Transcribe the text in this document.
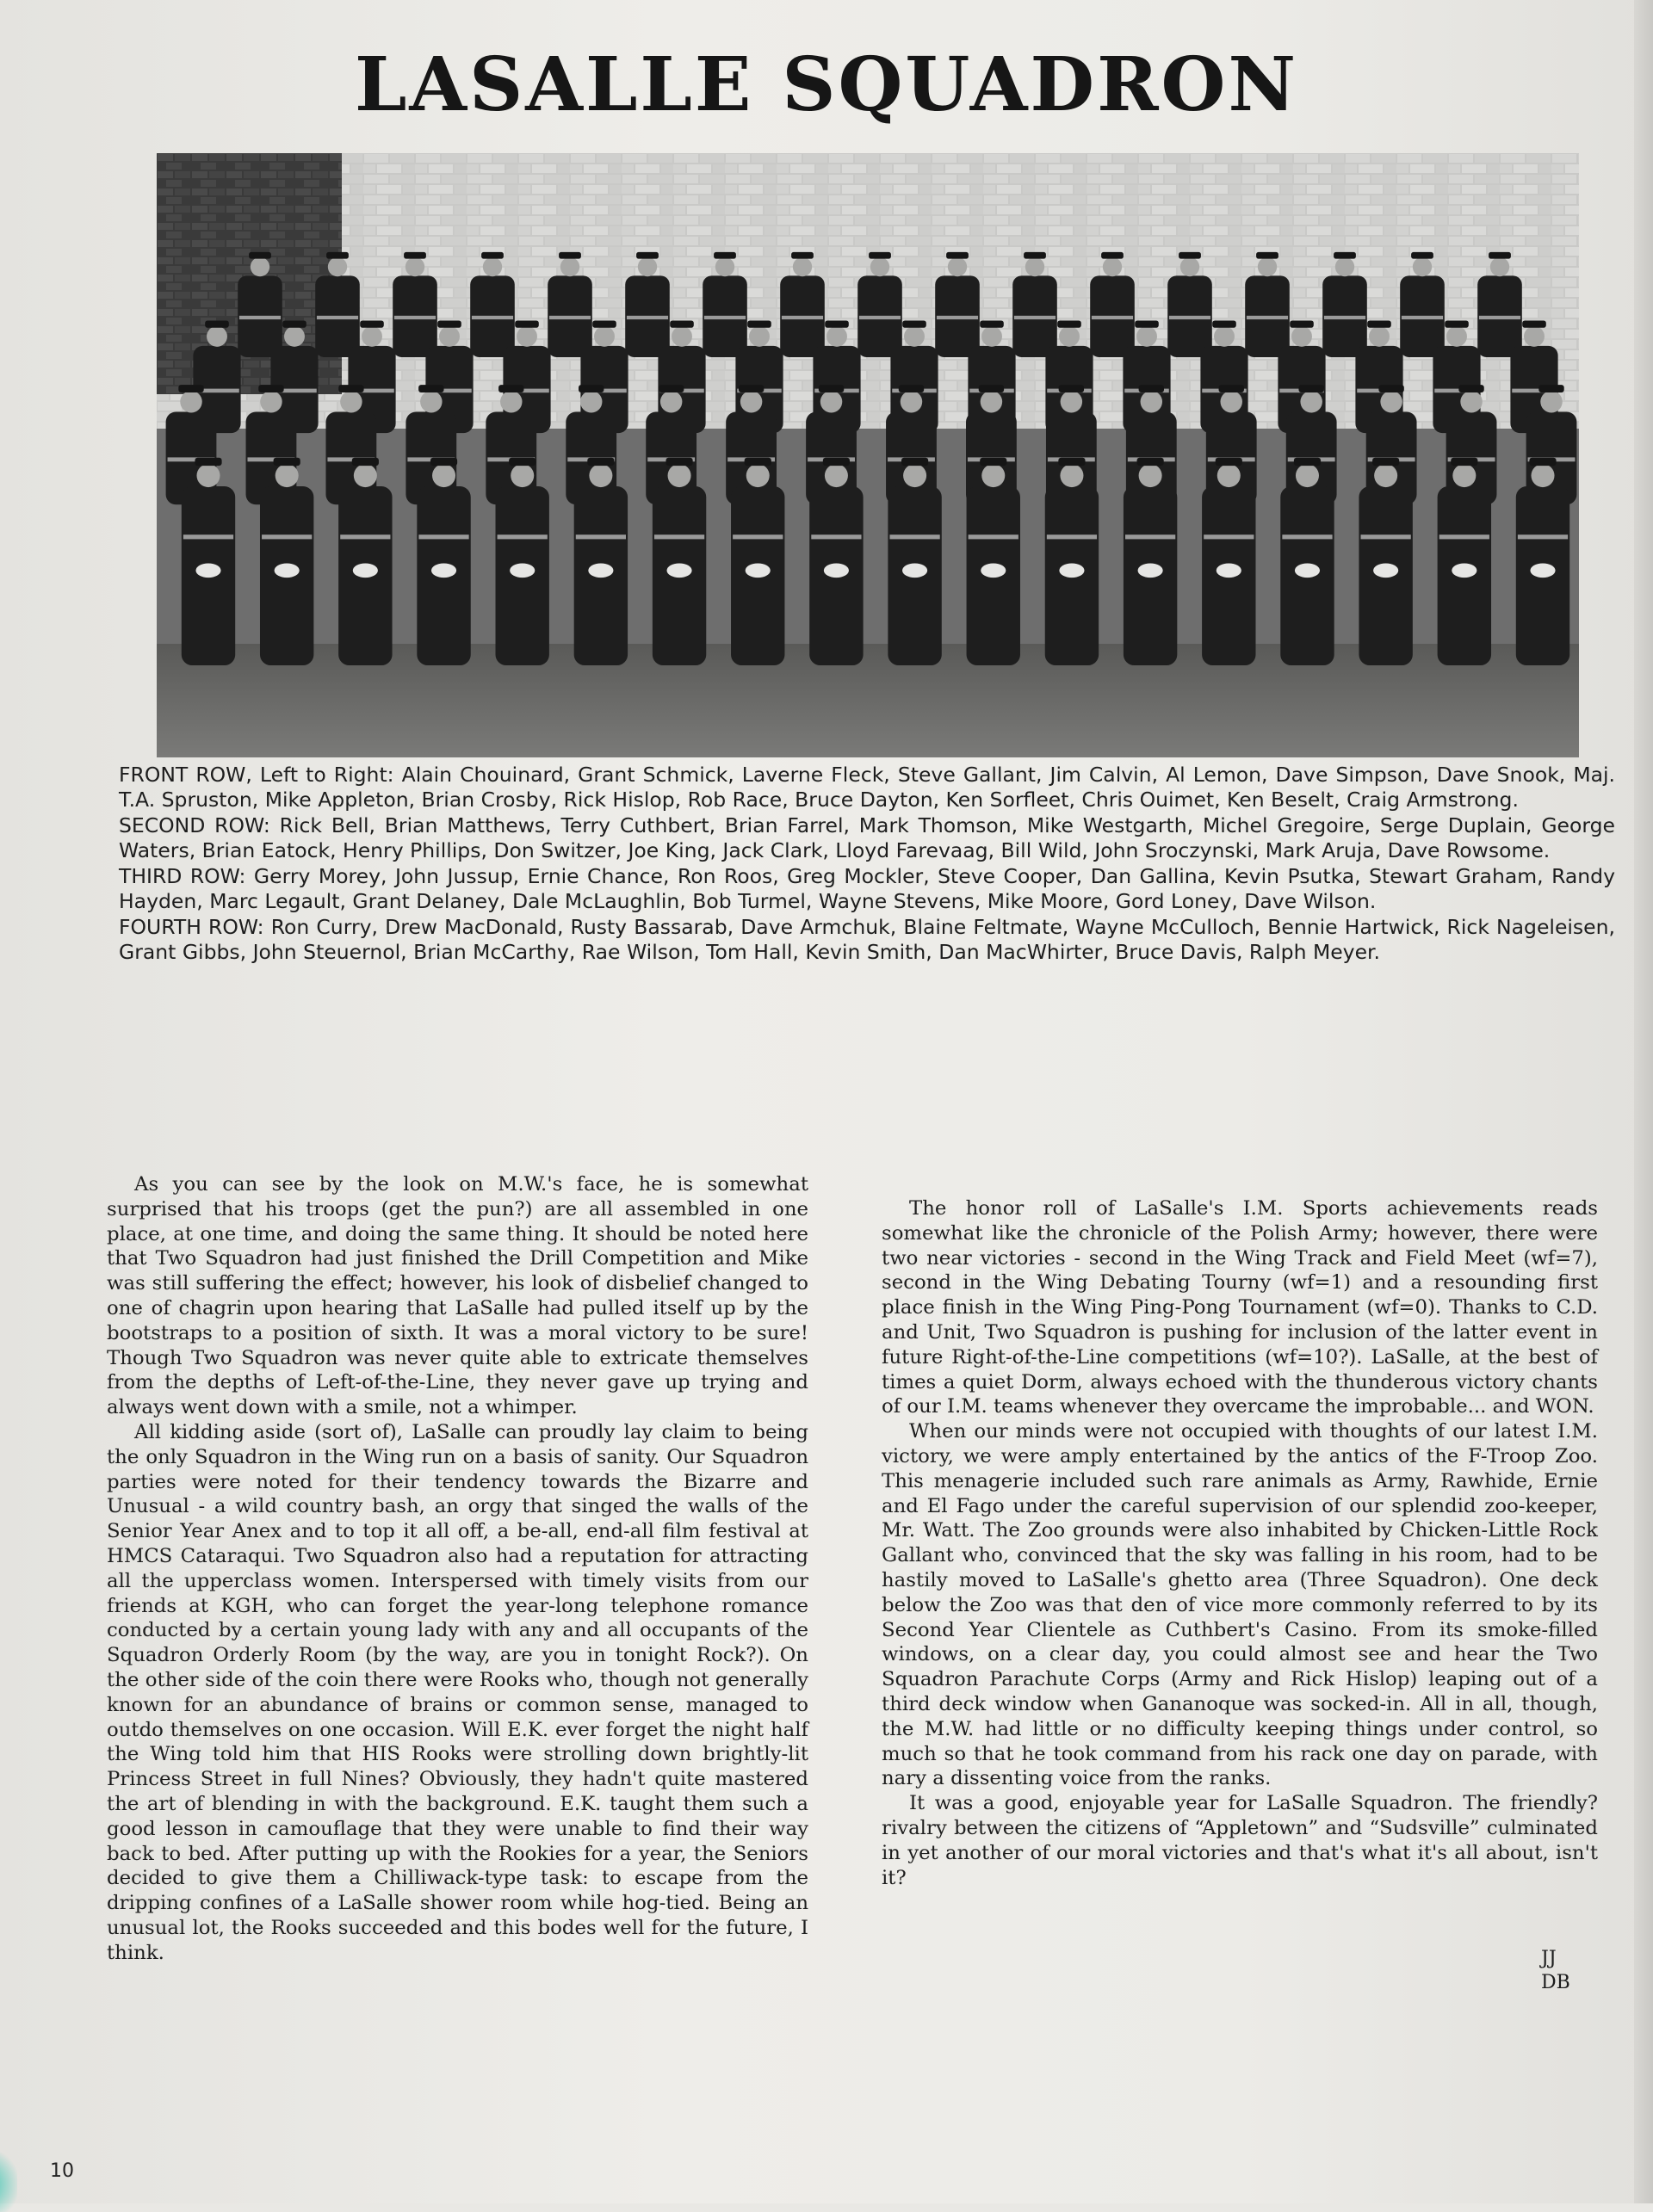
LASALLE SQUADRON

FRONT ROW, Left to Right: Alain Chouinard, Grant Schmick, Laverne Fleck, Steve Gallant, Jim Calvin, Al Lemon, Dave Simpson, Dave Snook, Maj. T.A. Spruston, Mike Appleton, Brian Crosby, Rick Hislop, Rob Race, Bruce Dayton, Ken Sorfleet, Chris Ouimet, Ken Beselt, Craig Armstrong.

SECOND ROW: Rick Bell, Brian Matthews, Terry Cuthbert, Brian Farrel, Mark Thomson, Mike Westgarth, Michel Gregoire, Serge Duplain, George Waters, Brian Eatock, Henry Phillips, Don Switzer, Joe King, Jack Clark, Lloyd Farevaag, Bill Wild, John Sroczynski, Mark Aruja, Dave Rowsome.

THIRD ROW: Gerry Morey, John Jussup, Ernie Chance, Ron Roos, Greg Mockler, Steve Cooper, Dan Gallina, Kevin Psutka, Stewart Graham, Randy Hayden, Marc Legault, Grant Delaney, Dale McLaughlin, Bob Turmel, Wayne Stevens, Mike Moore, Gord Loney, Dave Wilson.

FOURTH ROW: Ron Curry, Drew MacDonald, Rusty Bassarab, Dave Armchuk, Blaine Feltmate, Wayne McCulloch, Bennie Hartwick, Rick Nageleisen, Grant Gibbs, John Steuernol, Brian McCarthy, Rae Wilson, Tom Hall, Kevin Smith, Dan MacWhirter, Bruce Davis, Ralph Meyer.

As you can see by the look on M.W.'s face, he is somewhat surprised that his troops (get the pun?) are all assembled in one place, at one time, and doing the same thing. It should be noted here that Two Squadron had just finished the Drill Competition and Mike was still suffering the effect; however, his look of disbelief changed to one of chagrin upon hearing that LaSalle had pulled itself up by the bootstraps to a position of sixth. It was a moral victory to be sure! Though Two Squadron was never quite able to extricate themselves from the depths of Left-of-the-Line, they never gave up trying and always went down with a smile, not a whimper.

All kidding aside (sort of), LaSalle can proudly lay claim to being the only Squadron in the Wing run on a basis of sanity. Our Squadron parties were noted for their tendency towards the Bizarre and Unusual - a wild country bash, an orgy that singed the walls of the Senior Year Anex and to top it all off, a be-all, end-all film festival at HMCS Cataraqui. Two Squadron also had a reputation for attracting all the upperclass women. Interspersed with timely visits from our friends at KGH, who can forget the year-long telephone romance conducted by a certain young lady with any and all occupants of the Squadron Orderly Room (by the way, are you in tonight Rock?). On the other side of the coin there were Rooks who, though not generally known for an abundance of brains or common sense, managed to outdo themselves on one occasion. Will E.K. ever forget the night half the Wing told him that HIS Rooks were strolling down brightly-lit Princess Street in full Nines? Obviously, they hadn't quite mastered the art of blending in with the background. E.K. taught them such a good lesson in camouflage that they were unable to find their way back to bed. After putting up with the Rookies for a year, the Seniors decided to give them a Chilliwack-type task: to escape from the dripping confines of a LaSalle shower room while hog-tied. Being an unusual lot, the Rooks succeeded and this bodes well for the future, I think.

The honor roll of LaSalle's I.M. Sports achievements reads somewhat like the chronicle of the Polish Army; however, there were two near victories - second in the Wing Track and Field Meet (wf=7), second in the Wing Debating Tourny (wf=1) and a resounding first place finish in the Wing Ping-Pong Tournament (wf=0). Thanks to C.D. and Unit, Two Squadron is pushing for inclusion of the latter event in future Right-of-the-Line competitions (wf=10?). LaSalle, at the best of times a quiet Dorm, always echoed with the thunderous victory chants of our I.M. teams whenever they overcame the improbable... and WON.

When our minds were not occupied with thoughts of our latest I.M. victory, we were amply entertained by the antics of the F-Troop Zoo. This menagerie included such rare animals as Army, Rawhide, Ernie and El Fago under the careful supervision of our splendid zoo-keeper, Mr. Watt. The Zoo grounds were also inhabited by Chicken-Little Rock Gallant who, convinced that the sky was falling in his room, had to be hastily moved to LaSalle's ghetto area (Three Squadron). One deck below the Zoo was that den of vice more commonly referred to by its Second Year Clientele as Cuthbert's Casino. From its smoke-filled windows, on a clear day, you could almost see and hear the Two Squadron Parachute Corps (Army and Rick Hislop) leaping out of a third deck window when Gananoque was socked-in. All in all, though, the M.W. had little or no difficulty keeping things under control, so much so that he took command from his rack one day on parade, with nary a dissenting voice from the ranks.

It was a good, enjoyable year for LaSalle Squadron. The friendly? rivalry between the citizens of “Appletown” and “Sudsville” culminated in yet another of our moral victories and that's what it's all about, isn't it?

JJ
DB
10
